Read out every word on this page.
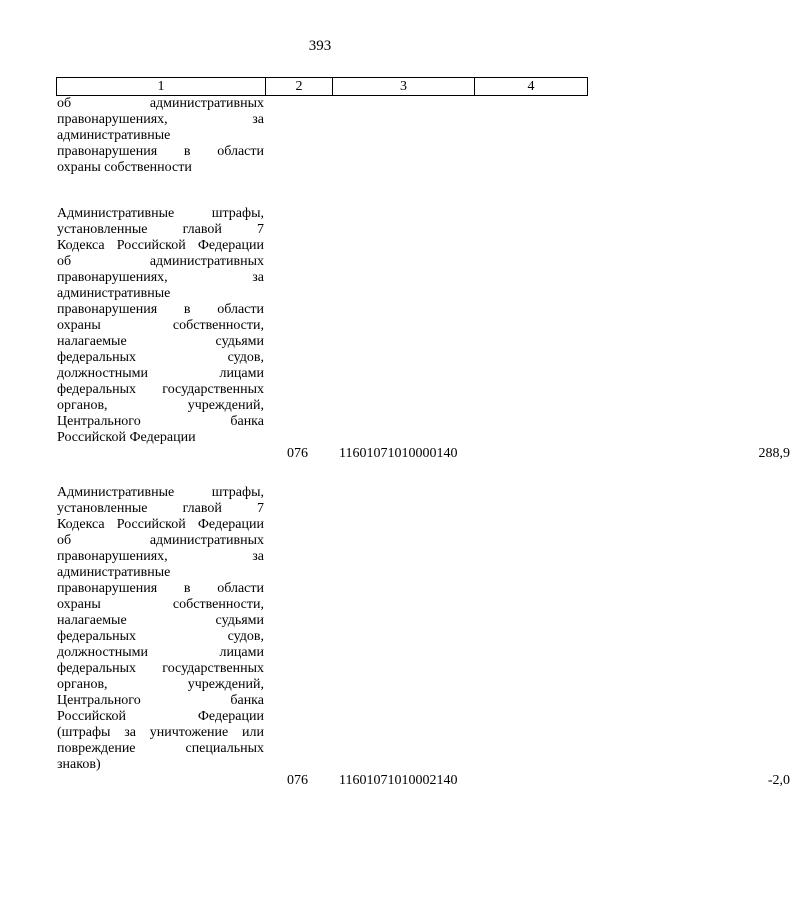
393
1	2	3	4
об административных
правонарушениях, за
административные
правонарушения в области
охраны собственности
Административные штрафы,
установленные главой 7
Кодекса Российской Федерации
об административных
правонарушениях, за
административные
правонарушения в области
охраны собственности,
налагаемые судьями
федеральных судов,
должностными лицами
федеральных государственных
органов, учреждений,
Центрального банка
Российской Федерации
076 11601071010000140	288,9
Административные штрафы,
установленные главой 7
Кодекса Российской Федерации
об административных
правонарушениях, за
административные
правонарушения в области
охраны собственности,
налагаемые судьями
федеральных судов,
должностными лицами
федеральных государственных
органов, учреждений,
Центрального банка
Российской Федерации
(штрафы за уничтожение или
повреждение специальных
знаков)
076 11601071010002140	-2,0
